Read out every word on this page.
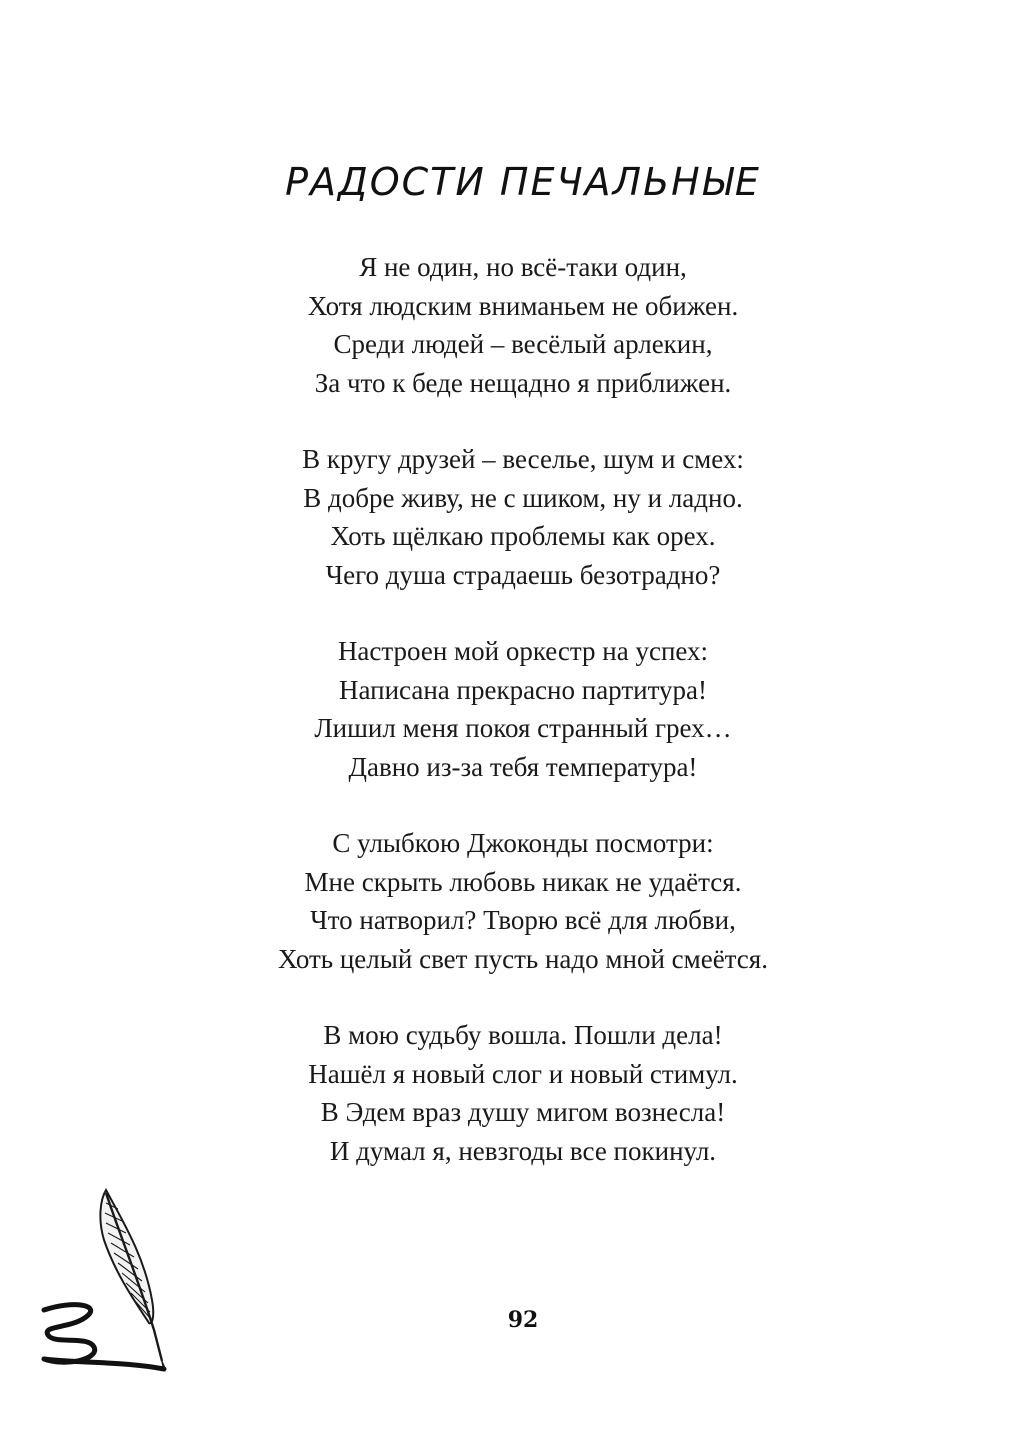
РАДОСТИ ПЕЧАЛЬНЫЕ
Я не один, но всё-таки один,
Хотя людским вниманьем не обижен.
Среди людей – весёлый арлекин,
За что к беде нещадно я приближен.
В кругу друзей – веселье, шум и смех:
В добре живу, не с шиком, ну и ладно.
Хоть щёлкаю проблемы как орех.
Чего душа страдаешь безотрадно?
Настроен мой оркестр на успех:
Написана прекрасно партитура!
Лишил меня покоя странный грех…
Давно из-за тебя температура!
С улыбкою Джоконды посмотри:
Мне скрыть любовь никак не удаётся.
Что натворил? Творю всё для любви,
Хоть целый свет пусть надо мной смеётся.
В мою судьбу вошла. Пошли дела!
Нашёл я новый слог и новый стимул.
В Эдем враз душу мигом вознесла!
И думал я, невзгоды все покинул.
92
